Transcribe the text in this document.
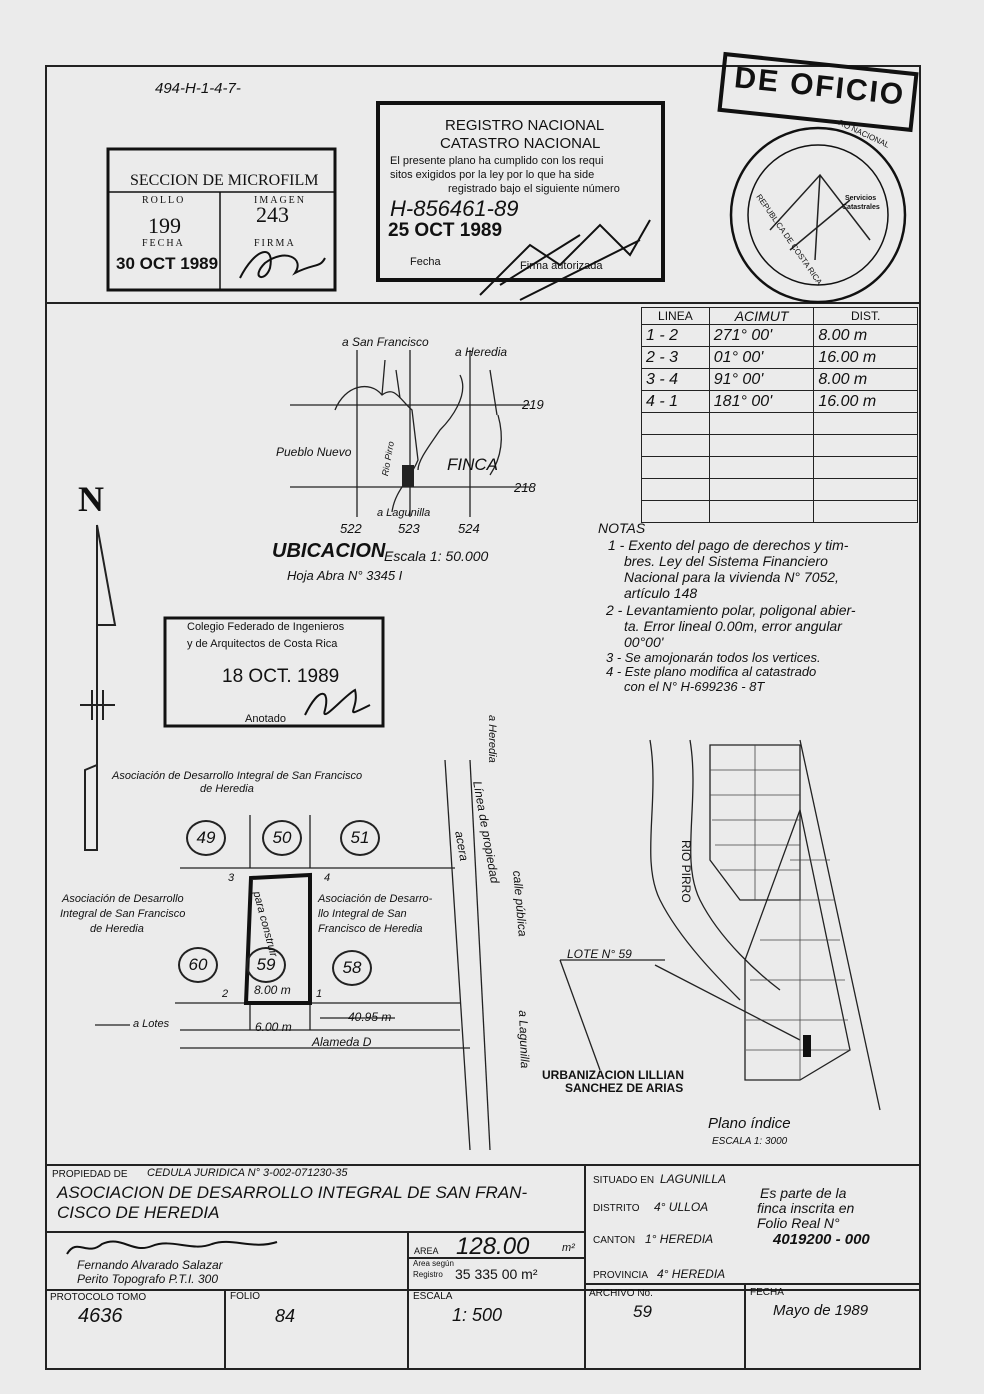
494-H-1-4-7-	DE OFICIO
SECCION DE MICROFILM
ROLLO	IMAGEN
199	243
FECHA	FIRMA
30 OCT 1989
REGISTRO NACIONAL
CATASTRO NACIONAL
El presente plano ha cumplido con los requi
sitos exigidos por la ley por lo que ha side
registrado bajo el siguiente número
H-856461-89
25 OCT 1989
Fecha	Firma autorizada
...RO NACIONAL
REPUBLICA DE COSTA RICA	Servicios
Catastrales
LINEA	ACIMUT	DIST.
1 - 2	271° 00'	8.00 m
2 - 3	01° 00'	16.00 m
3 - 4	91° 00'	8.00 m
4 - 1	181° 00'	16.00 m

a San Francisco
a Heredia
Pueblo Nuevo
FINCA
Rio Pirro
a Lagunilla
219
218
522	523	524
UBICACION
Escala 1: 50.000
Hoja Abra N° 3345 I
N
Colegio Federado de Ingenieros
y de Arquitectos de Costa Rica
18 OCT. 1989
Anotado
NOTAS
1 - Exento del pago de derechos y tim-
bres. Ley del Sistema Financiero
Nacional para la vivienda N° 7052,
artículo 148
2 - Levantamiento polar, poligonal abier-
ta. Error lineal 0.00m, error angular
00°00'
3 - Se amojonarán todos los vertices.
4 - Este plano modifica al catastrado
con el N° H-699236 - 8T
Asociación de Desarrollo Integral de San Francisco
de Heredia
49	50	51
60	59	58
Asociación de Desarrollo
Integral de San Francisco
de Heredia
Asociación de Desarro-
llo Integral de San
Francisco de Heredia
para construir
3	4
2	1
8.00 m
40.95 m
6.00 m
a Lotes
Alameda D
a Heredia
Línea de propiedad
acera
calle pública
a Lagunilla
RIO PIRRO
LOTE N° 59
URBANIZACION LILLIAN
SANCHEZ DE ARIAS
Plano índice
ESCALA 1: 3000
PROPIEDAD DE CEDULA JURIDICA N° 3-002-071230-35
ASOCIACION DE DESARROLLO INTEGRAL DE SAN FRAN-
CISCO DE HEREDIA
Fernando Alvarado Salazar
Perito Topografo P.T.I. 300
AREA 128.00	m²
Area según
Registro 35 335 00 m²
SITUADO EN LAGUNILLA
DISTRITO 4° ULLOA
CANTON 1° HEREDIA
PROVINCIA 4° HEREDIA
Es parte de la
finca inscrita en
Folio Real N°
4019200 - 000
PROTOCOLO TOMO
4636
FOLIO
84
ESCALA
1: 500
ARCHIVO No.
59
FECHA
Mayo de 1989
